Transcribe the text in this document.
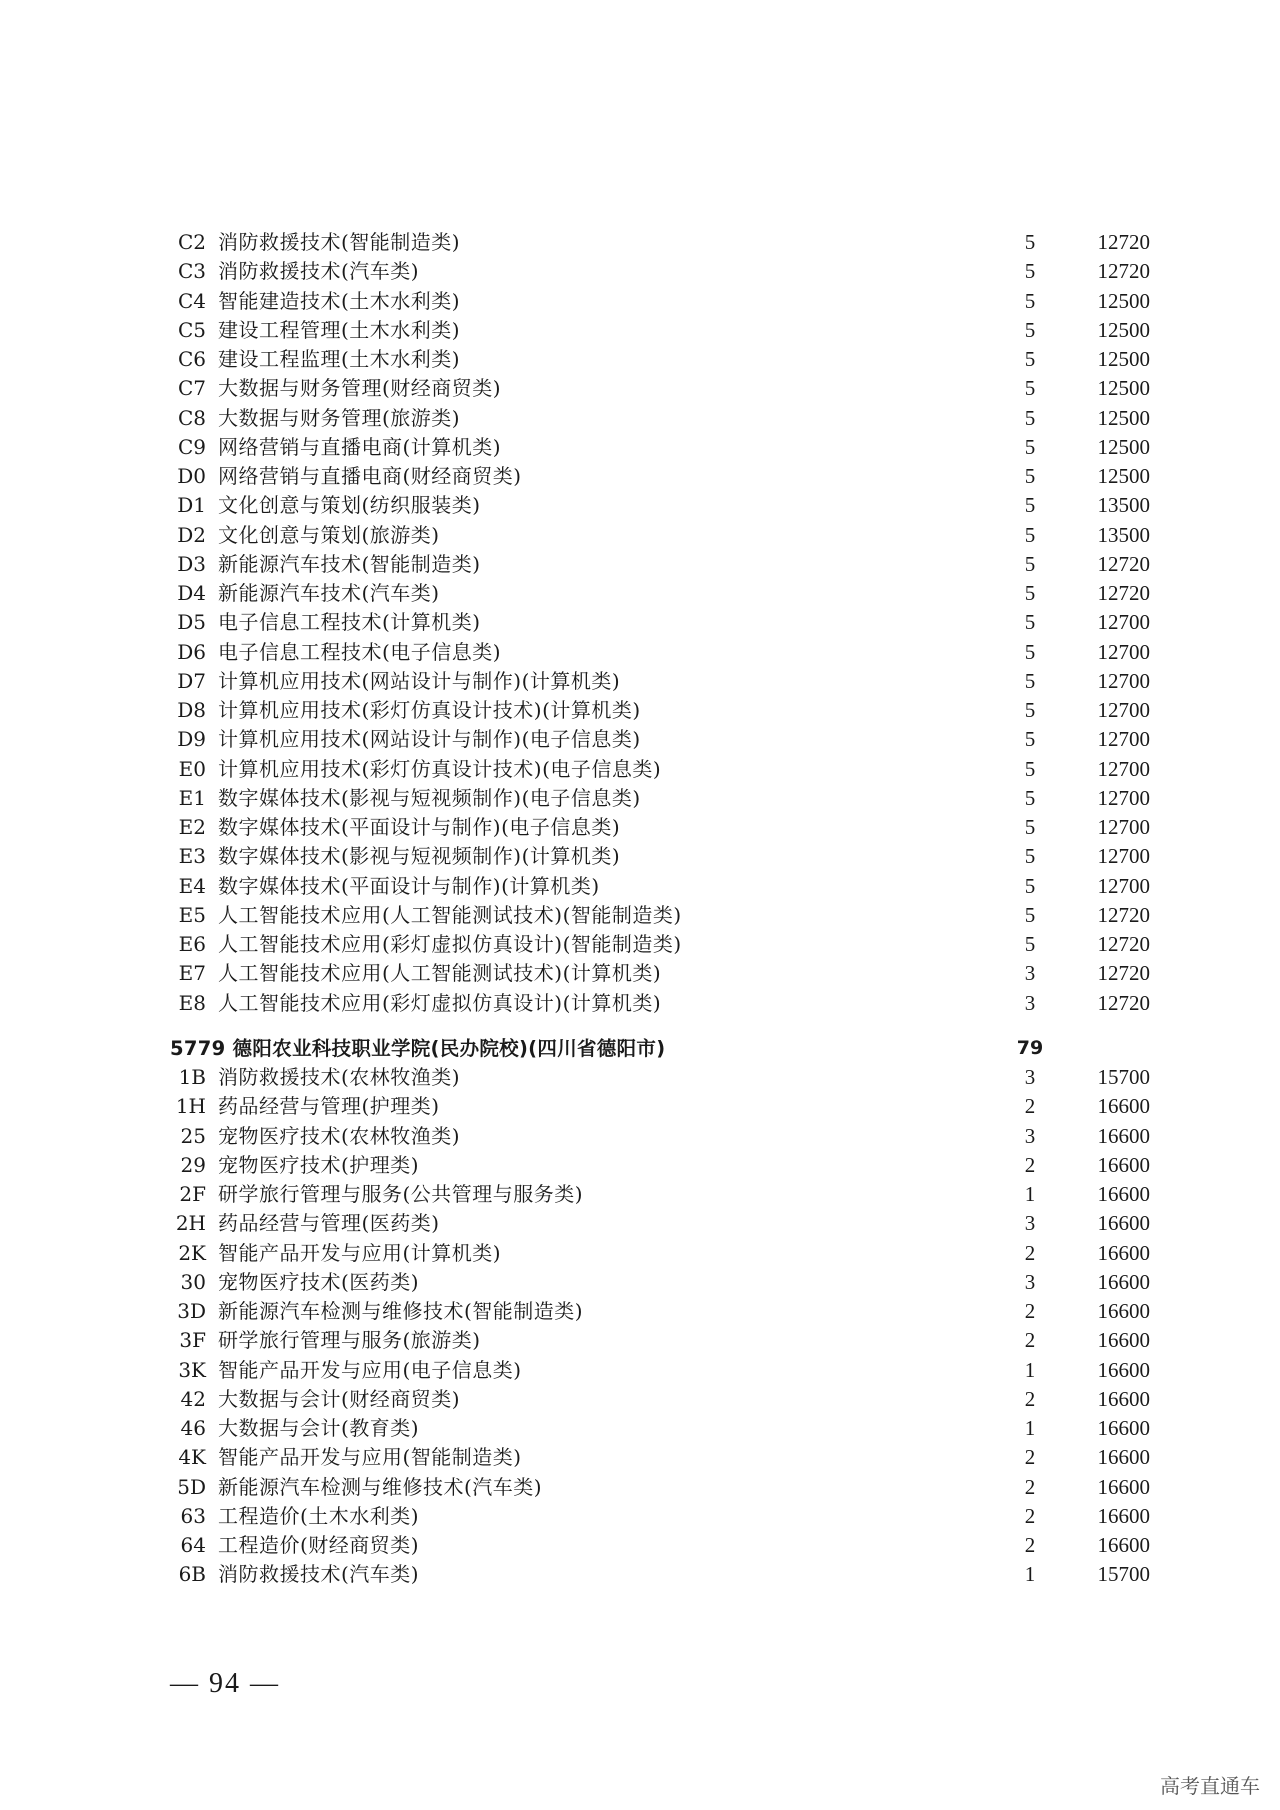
C2 消防救援技术(智能制造类)	5	12720
C3 消防救援技术(汽车类)	5	12720
C4 智能建造技术(土木水利类)	5	12500
C5 建设工程管理(土木水利类)	5	12500
C6 建设工程监理(土木水利类)	5	12500
C7 大数据与财务管理(财经商贸类)	5	12500
C8 大数据与财务管理(旅游类)	5	12500
C9 网络营销与直播电商(计算机类)	5	12500
D0 网络营销与直播电商(财经商贸类)	5	12500
D1 文化创意与策划(纺织服装类)	5	13500
D2 文化创意与策划(旅游类)	5	13500
D3 新能源汽车技术(智能制造类)	5	12720
D4 新能源汽车技术(汽车类)	5	12720
D5 电子信息工程技术(计算机类)	5	12700
D6 电子信息工程技术(电子信息类)	5	12700
D7 计算机应用技术(网站设计与制作)(计算机类)	5	12700
D8 计算机应用技术(彩灯仿真设计技术)(计算机类)	5	12700
D9 计算机应用技术(网站设计与制作)(电子信息类)	5	12700
E0 计算机应用技术(彩灯仿真设计技术)(电子信息类)	5	12700
E1 数字媒体技术(影视与短视频制作)(电子信息类)	5	12700
E2 数字媒体技术(平面设计与制作)(电子信息类)	5	12700
E3 数字媒体技术(影视与短视频制作)(计算机类)	5	12700
E4 数字媒体技术(平面设计与制作)(计算机类)	5	12700
E5 人工智能技术应用(人工智能测试技术)(智能制造类)	5	12720
E6 人工智能技术应用(彩灯虚拟仿真设计)(智能制造类)	5	12720
E7 人工智能技术应用(人工智能测试技术)(计算机类)	3	12720
E8 人工智能技术应用(彩灯虚拟仿真设计)(计算机类)	3	12720
5779 德阳农业科技职业学院(民办院校)(四川省德阳市)	79
1B 消防救援技术(农林牧渔类)	3	15700
1H 药品经营与管理(护理类)	2	16600
25 宠物医疗技术(农林牧渔类)	3	16600
29 宠物医疗技术(护理类)	2	16600
2F 研学旅行管理与服务(公共管理与服务类)	1	16600
2H 药品经营与管理(医药类)	3	16600
2K 智能产品开发与应用(计算机类)	2	16600
30 宠物医疗技术(医药类)	3	16600
3D 新能源汽车检测与维修技术(智能制造类)	2	16600
3F 研学旅行管理与服务(旅游类)	2	16600
3K 智能产品开发与应用(电子信息类)	1	16600
42 大数据与会计(财经商贸类)	2	16600
46 大数据与会计(教育类)	1	16600
4K 智能产品开发与应用(智能制造类)	2	16600
5D 新能源汽车检测与维修技术(汽车类)	2	16600
63 工程造价(土木水利类)	2	16600
64 工程造价(财经商贸类)	2	16600
6B 消防救援技术(汽车类)	1	15700
— 94 —
高考直通车
